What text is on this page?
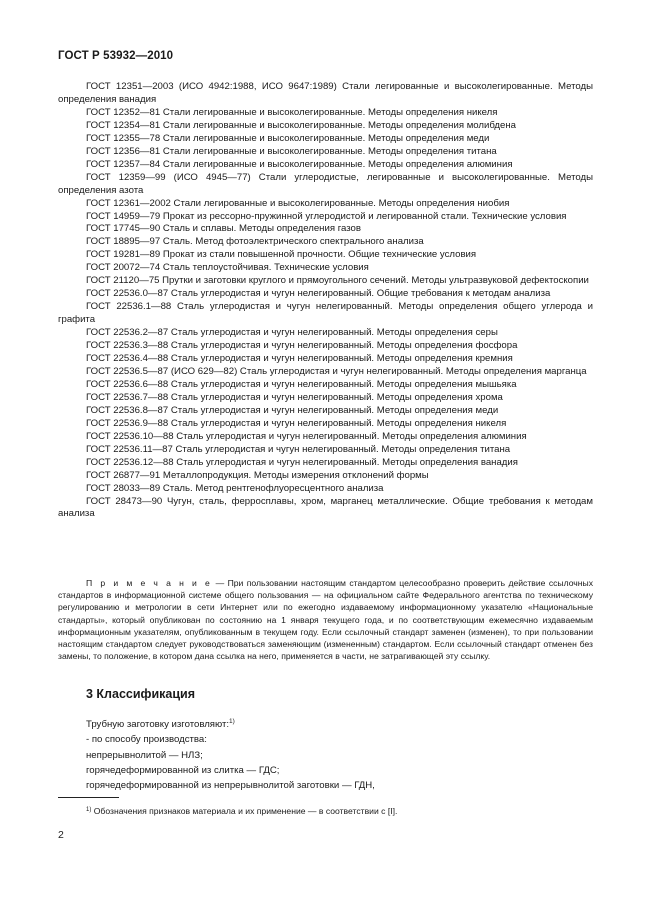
ГОСТ Р 53932—2010

ГОСТ 12351—2003 (ИСО 4942:1988, ИСО 9647:1989) Стали легированные и высоколегированные. Методы определения ванадия

ГОСТ 12352—81 Стали легированные и высоколегированные. Методы определения никеля

ГОСТ 12354—81 Стали легированные и высоколегированные. Методы определения молибдена

ГОСТ 12355—78 Стали легированные и высоколегированные. Методы определения меди

ГОСТ 12356—81 Стали легированные и высоколегированные. Методы определения титана

ГОСТ 12357—84 Стали легированные и высоколегированные. Методы определения алюминия

ГОСТ 12359—99 (ИСО 4945—77) Стали углеродистые, легированные и высоколегированные. Методы определения азота

ГОСТ 12361—2002 Стали легированные и высоколегированные. Методы определения ниобия

ГОСТ 14959—79 Прокат из рессорно-пружинной углеродистой и легированной стали. Технические условия

ГОСТ 17745—90 Сталь и сплавы. Методы определения газов

ГОСТ 18895—97 Сталь. Метод фотоэлектрического спектрального анализа

ГОСТ 19281—89 Прокат из стали повышенной прочности. Общие технические условия

ГОСТ 20072—74 Сталь теплоустойчивая. Технические условия

ГОСТ 21120—75 Прутки и заготовки круглого и прямоугольного сечений. Методы ультразвуковой дефектоскопии

ГОСТ 22536.0—87 Сталь углеродистая и чугун нелегированный. Общие требования к методам анализа

ГОСТ 22536.1—88 Сталь углеродистая и чугун нелегированный. Методы определения общего углерода и графита

ГОСТ 22536.2—87 Сталь углеродистая и чугун нелегированный. Методы определения серы

ГОСТ 22536.3—88 Сталь углеродистая и чугун нелегированный. Методы определения фосфора

ГОСТ 22536.4—88 Сталь углеродистая и чугун нелегированный. Методы определения кремния

ГОСТ 22536.5—87 (ИСО 629—82) Сталь углеродистая и чугун нелегированный. Методы определения марганца

ГОСТ 22536.6—88 Сталь углеродистая и чугун нелегированный. Методы определения мышьяка

ГОСТ 22536.7—88 Сталь углеродистая и чугун нелегированный. Методы определения хрома

ГОСТ 22536.8—87 Сталь углеродистая и чугун нелегированный. Методы определения меди

ГОСТ 22536.9—88 Сталь углеродистая и чугун нелегированный. Методы определения никеля

ГОСТ 22536.10—88 Сталь углеродистая и чугун нелегированный. Методы определения алюминия

ГОСТ 22536.11—87 Сталь углеродистая и чугун нелегированный. Методы определения титана

ГОСТ 22536.12—88 Сталь углеродистая и чугун нелегированный. Методы определения ванадия

ГОСТ 26877—91 Металлопродукция. Методы измерения отклонений формы

ГОСТ 28033—89 Сталь. Метод рентгенофлуоресцентного анализа

ГОСТ 28473—90 Чугун, сталь, ферросплавы, хром, марганец металлические. Общие требования к методам анализа

П р и м е ч а н и е — При пользовании настоящим стандартом целесообразно проверить действие ссылочных стандартов в информационной системе общего пользования — на официальном сайте Федерального агентства по техническому регулированию и метрологии в сети Интернет или по ежегодно издаваемому информационному указателю «Национальные стандарты», который опубликован по состоянию на 1 января текущего года, и по соответствующим ежемесячно издаваемым информационным указателям, опубликованным в текущем году. Если ссылочный стандарт заменен (изменен), то при пользовании настоящим стандартом следует руководствоваться заменяющим (измененным) стандартом. Если ссылочный стандарт отменен без замены, то положение, в котором дана ссылка на него, применяется в части, не затрагивающей эту ссылку.

3 Классификация

Трубную заготовку изготовляют:$^{1)}$

- по способу производства:

непрерывнолитой — НЛЗ;

горячедеформированной из слитка — ГДС;

горячедеформированной из непрерывнолитой заготовки — ГДН,

$^{1)}$ Обозначения признаков материала и их применение — в соответствии с [I].
2
